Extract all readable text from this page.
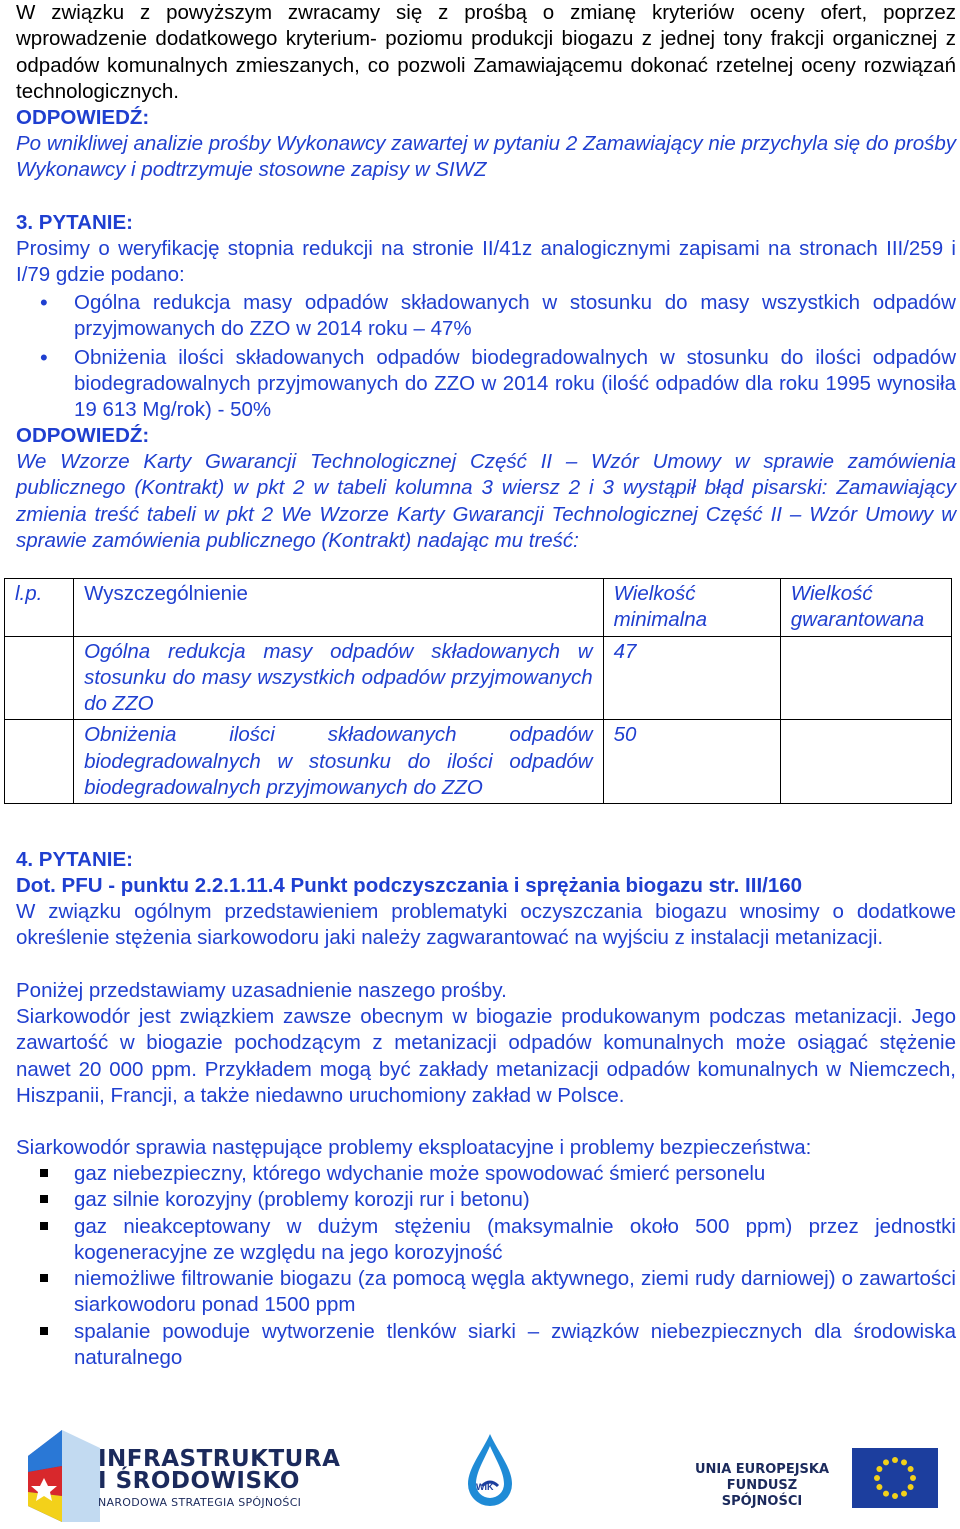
W związku z powyższym zwracamy się z prośbą o zmianę kryteriów oceny ofert, poprzez wprowadzenie dodatkowego kryterium- poziomu produkcji biogazu z jednej tony frakcji organicznej z odpadów komunalnych zmieszanych, co pozwoli Zamawiającemu dokonać rzetelnej oceny rozwiązań technologicznych.

ODPOWIEDŹ:

Po wnikliwej analizie prośby Wykonawcy zawartej w pytaniu 2 Zamawiający nie przychyla się do prośby Wykonawcy i podtrzymuje stosowne zapisy w SIWZ

3. PYTANIE:

Prosimy o weryfikację stopnia redukcji na stronie II/41z analogicznymi zapisami na stronach III/259 i I/79 gdzie podano:

• Ogólna redukcja masy odpadów składowanych w stosunku do masy wszystkich odpadów przyjmowanych do ZZO w 2014 roku – 47%
• Obniżenia ilości składowanych odpadów biodegradowalnych w stosunku do ilości odpadów biodegradowalnych przyjmowanych do ZZO w 2014 roku (ilość odpadów dla roku 1995 wynosiła 19 613 Mg/rok) - 50%

ODPOWIEDŹ:

We Wzorze Karty Gwarancji Technologicznej Część II – Wzór Umowy w sprawie zamówienia publicznego (Kontrakt) w pkt 2 w tabeli kolumna 3 wiersz 2 i 3 wystąpił błąd pisarski: Zamawiający zmienia treść tabeli w pkt 2 We Wzorze Karty Gwarancji Technologicznej Część II – Wzór Umowy w sprawie zamówienia publicznego (Kontrakt) nadając mu treść:

l.p.	Wyszczególnienie	Wielkość minimalna	Wielkość gwarantowana
	Ogólna redukcja masy odpadów składowanych w stosunku do masy wszystkich odpadów przyjmowanych do ZZO	47	
	Obniżenia ilości składowanych odpadów biodegradowalnych w stosunku do ilości odpadów biodegradowalnych przyjmowanych do ZZO	50	

4. PYTANIE:

Dot. PFU - punktu 2.2.1.11.4 Punkt podczyszczania i sprężania biogazu str. III/160

W związku ogólnym przedstawieniem problematyki oczyszczania biogazu wnosimy o dodatkowe określenie stężenia siarkowodoru jaki należy zagwarantować na wyjściu z instalacji metanizacji.

Poniżej przedstawiamy uzasadnienie naszego prośby.

Siarkowodór jest związkiem zawsze obecnym w biogazie produkowanym podczas metanizacji. Jego zawartość w biogazie pochodzącym z metanizacji odpadów komunalnych może osiągać stężenie nawet 20 000 ppm. Przykładem mogą być zakłady metanizacji odpadów komunalnych w Niemczech, Hiszpanii, Francji, a także niedawno uruchomiony zakład w Polsce.

Siarkowodór sprawia następujące problemy eksploatacyjne i problemy bezpieczeństwa:

gaz niebezpieczny, którego wdychanie może spowodować śmierć personelu
gaz silnie korozyjny (problemy korozji rur i betonu)
gaz nieakceptowany w dużym stężeniu (maksymalnie około 500 ppm) przez jednostki kogeneracyjne ze względu na jego korozyjność
niemożliwe filtrowanie biogazu (za pomocą węgla aktywnego, ziemi rudy darniowej) o zawartości siarkowodoru ponad 1500 ppm
spalanie powoduje wytworzenie tlenków siarki – związków niebezpiecznych dla środowiska naturalnego
INFRASTRUKTURA
I ŚRODOWISKO
NARODOWA STRATEGIA SPÓJNOŚCI
WIK
UNIA EUROPEJSKA
FUNDUSZ SPÓJNOŚCI
